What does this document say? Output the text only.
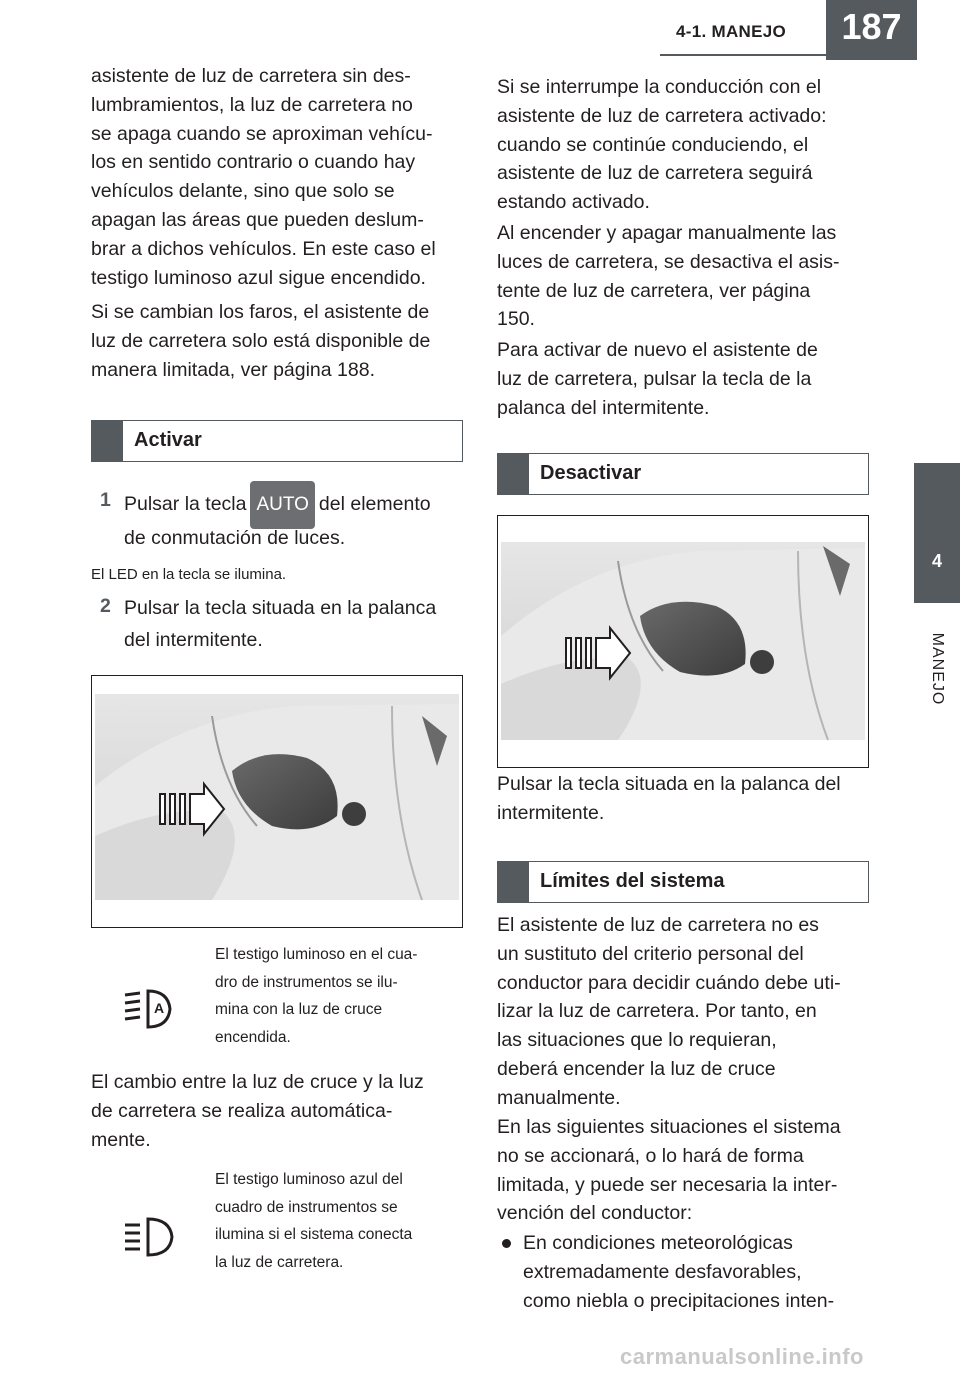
4-1. MANEJO	187
4
MANEJO
asistente de luz de carretera sin des-
lumbramientos, la luz de carretera no
se apaga cuando se aproximan vehícu-
los en sentido contrario o cuando hay
vehículos delante, sino que solo se
apagan las áreas que pueden deslum-
brar a dichos vehículos. En este caso el
testigo luminoso azul sigue encendido.
Si se cambian los faros, el asistente de
luz de carretera solo está disponible de
manera limitada, ver página 188.
Activar
1 Pulsar la tecla AUTO del elemento
de conmutación de luces.
El LED en la tecla se ilumina.
2 Pulsar la tecla situada en la palanca
del intermitente.
A
El testigo luminoso en el cua-
dro de instrumentos se ilu-
mina con la luz de cruce
encendida.
El cambio entre la luz de cruce y la luz
de carretera se realiza automática-
mente.
El testigo luminoso azul del
cuadro de instrumentos se
ilumina si el sistema conecta
la luz de carretera.
Si se interrumpe la conducción con el
asistente de luz de carretera activado:
cuando se continúe conduciendo, el
asistente de luz de carretera seguirá
estando activado.
Al encender y apagar manualmente las
luces de carretera, se desactiva el asis-
tente de luz de carretera, ver página
150.
Para activar de nuevo el asistente de
luz de carretera, pulsar la tecla de la
palanca del intermitente.
Desactivar
Pulsar la tecla situada en la palanca del
intermitente.
Límites del sistema
El asistente de luz de carretera no es
un sustituto del criterio personal del
conductor para decidir cuándo debe uti-
lizar la luz de carretera. Por tanto, en
las situaciones que lo requieran,
deberá encender la luz de cruce
manualmente.
En las siguientes situaciones el sistema
no se accionará, o lo hará de forma
limitada, y puede ser necesaria la inter-
vención del conductor:
En condiciones meteorológicas
extremadamente desfavorables,
como niebla o precipitaciones inten-
carmanualsonline.info
